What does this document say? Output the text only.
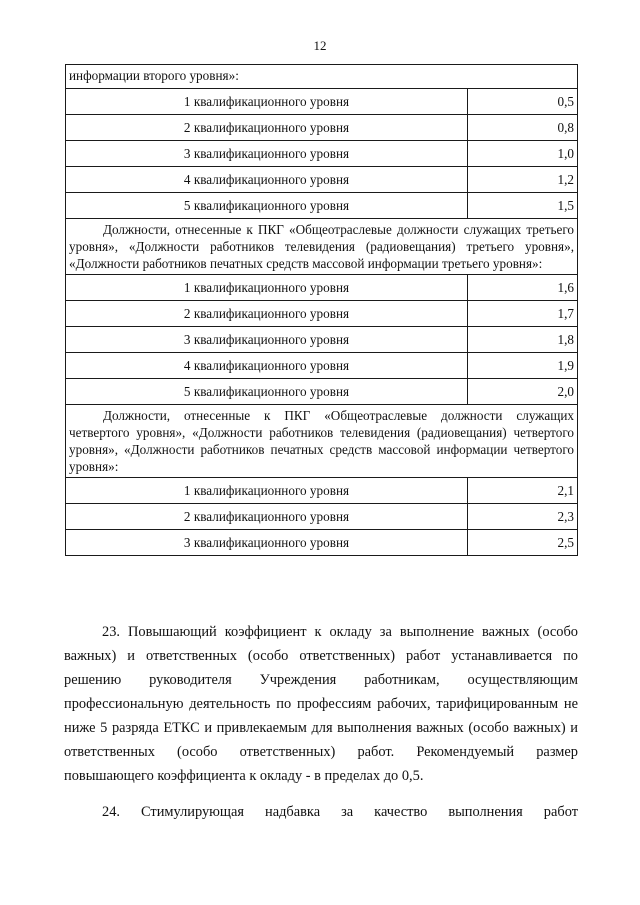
12
информации второго уровня»:	
1 квалификационного уровня	0,5
2 квалификационного уровня	0,8
3 квалификационного уровня	1,0
4 квалификационного уровня	1,2
5 квалификационного уровня	1,5
Должности, отнесенные к ПКГ «Общеотраслевые должности служащих третьего уровня», «Должности работников телевидения (радиовещания) третьего уровня», «Должности работников печатных средств массовой информации третьего уровня»:	
1 квалификационного уровня	1,6
2 квалификационного уровня	1,7
3 квалификационного уровня	1,8
4 квалификационного уровня	1,9
5 квалификационного уровня	2,0
Должности, отнесенные к ПКГ «Общеотраслевые должности служащих четвертого уровня», «Должности работников телевидения (радиовещания) четвертого уровня», «Должности работников печатных средств массовой информации четвертого уровня»:	
1 квалификационного уровня	2,1
2 квалификационного уровня	2,3
3 квалификационного уровня	2,5

23. Повышающий коэффициент к окладу за выполнение важных (особо важных) и ответственных (особо ответственных) работ устанавливается по решению руководителя Учреждения работникам, осуществляющим профессиональную деятельность по профессиям рабочих, тарифицированным не ниже 5 разряда ЕТКС и привлекаемым для выполнения важных (особо важных) и ответственных (особо ответственных) работ. Рекомендуемый размер повышающего коэффициента к окладу - в пределах до 0,5.

24. Стимулирующая надбавка за качество выполнения работ
